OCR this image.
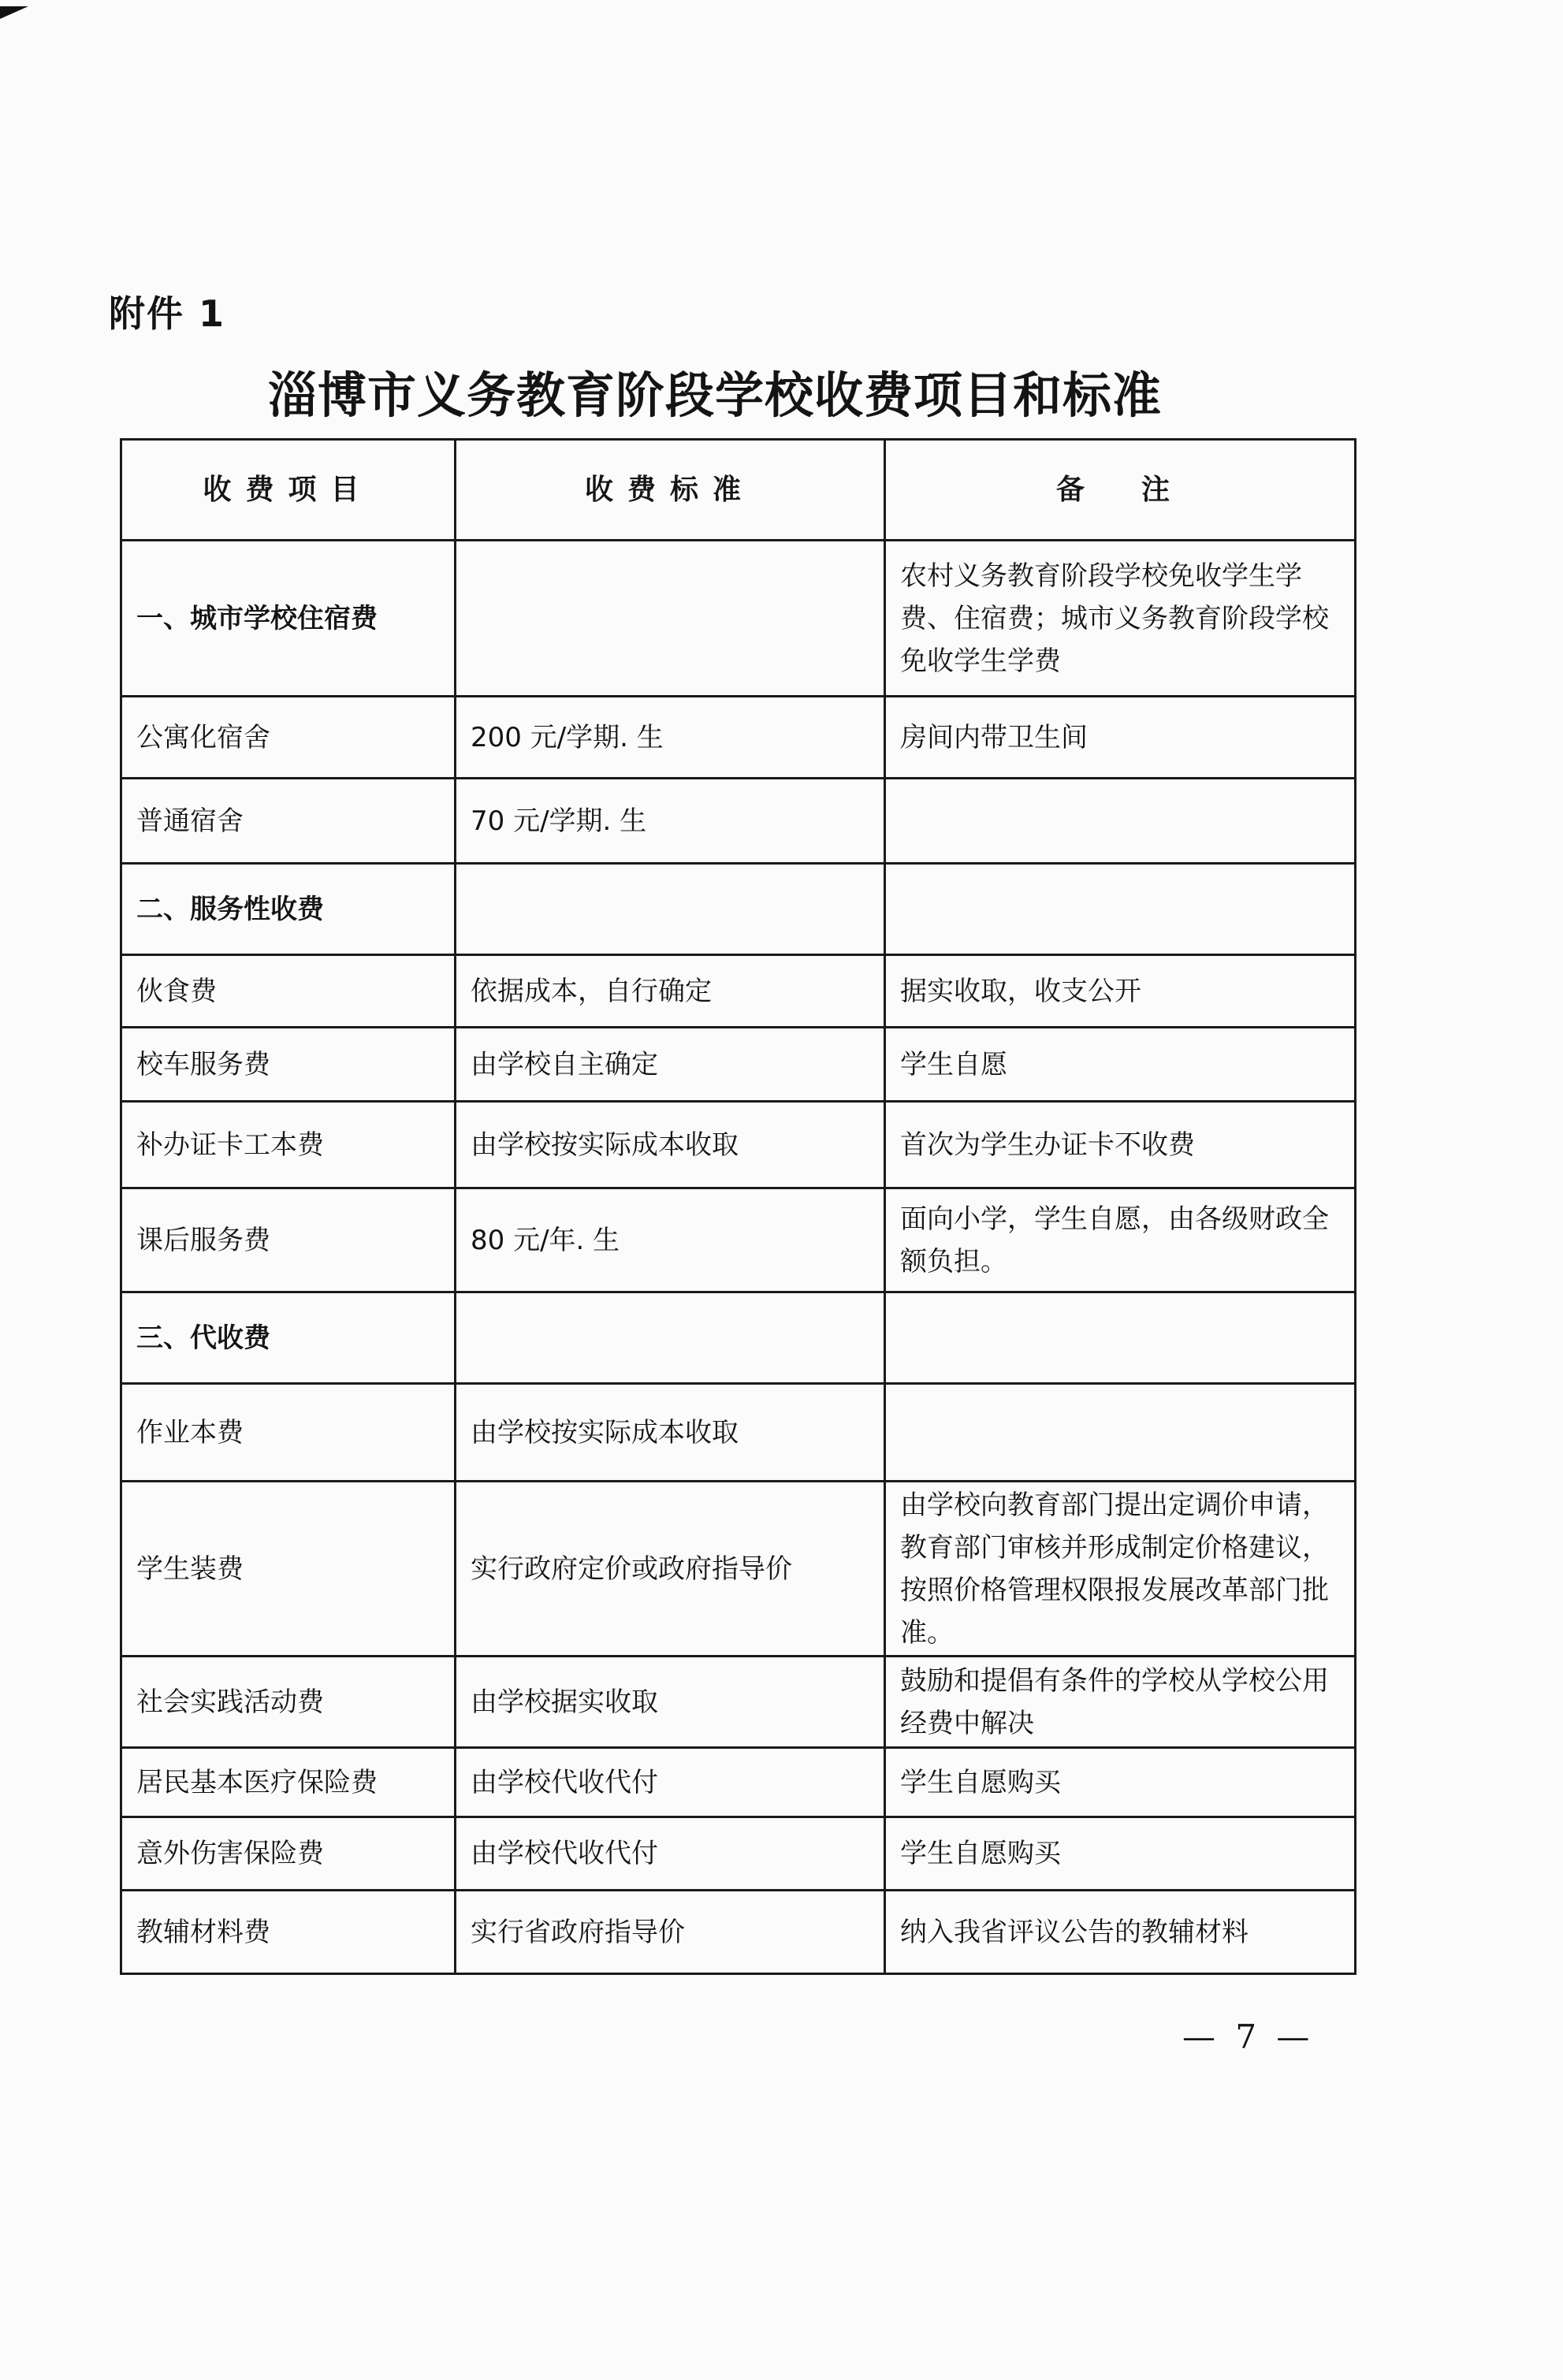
附件 1
淄博市义务教育阶段学校收费项目和标准
收费项目	收费标准	备　注
一、城市学校住宿费		农村义务教育阶段学校免收学生学费、住宿费；城市义务教育阶段学校免收学生学费
公寓化宿舍	200 元/学期. 生	房间内带卫生间
普通宿舍	70 元/学期. 生	
二、服务性收费		
伙食费	依据成本，自行确定	据实收取，收支公开
校车服务费	由学校自主确定	学生自愿
补办证卡工本费	由学校按实际成本收取	首次为学生办证卡不收费
课后服务费	80 元/年. 生	面向小学，学生自愿，由各级财政全额负担。
三、代收费		
作业本费	由学校按实际成本收取	
学生装费	实行政府定价或政府指导价	由学校向教育部门提出定调价申请，教育部门审核并形成制定价格建议，按照价格管理权限报发展改革部门批准。
社会实践活动费	由学校据实收取	鼓励和提倡有条件的学校从学校公用经费中解决
居民基本医疗保险费	由学校代收代付	学生自愿购买
意外伤害保险费	由学校代收代付	学生自愿购买
教辅材料费	实行省政府指导价	纳入我省评议公告的教辅材料
— 7 —
